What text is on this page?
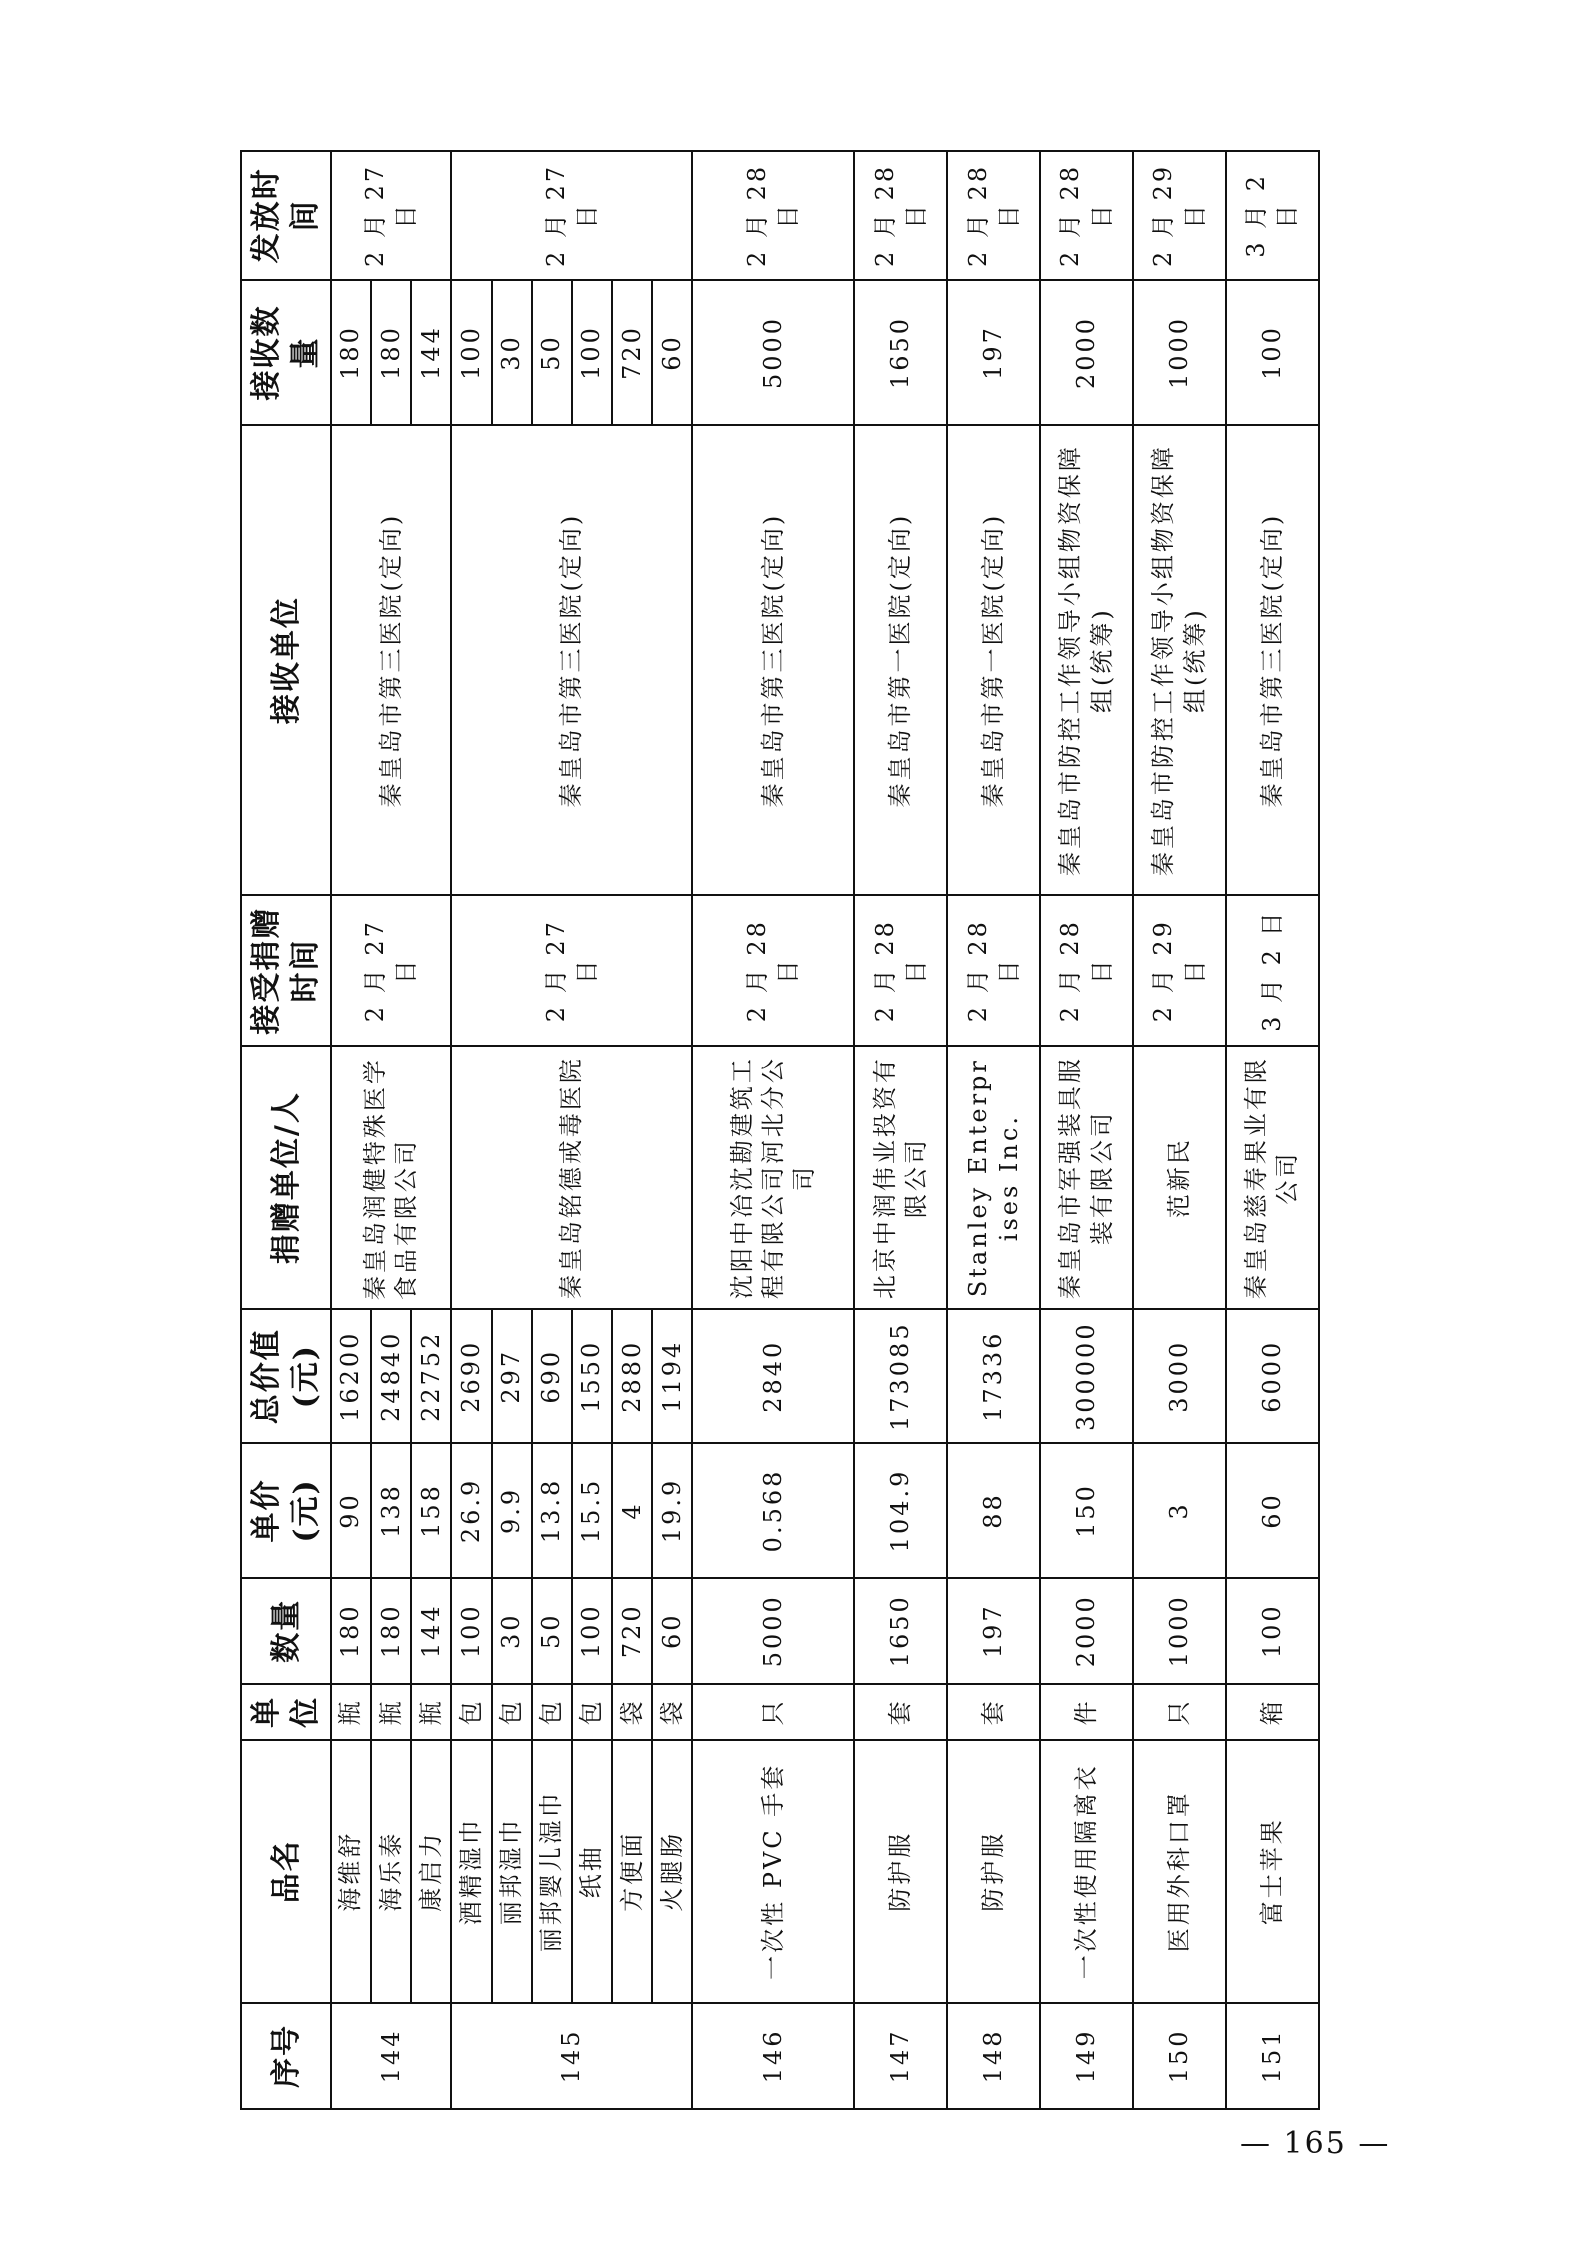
序号	品名	单位	数量	单价(元)	总价值(元)	捐赠单位/人	接受捐赠时间	接收单位	接收数量	发放时间
144	海维舒	瓶	180	90	16200	秦皇岛润健特殊医学食品有限公司	2 月 27 日	秦皇岛市第三医院(定向)	180	2 月 27 日
	海乐泰	瓶	180	138	24840				180	
	康启力	瓶	144	158	22752				144	
145	酒精湿巾	包	100	26.9	2690	秦皇岛铭德戒毒医院	2 月 27 日	秦皇岛市第三医院(定向)	100	2 月 27 日
	丽邦湿巾	包	30	9.9	297				30	
	丽邦婴儿湿巾	包	50	13.8	690				50	
	纸抽	包	100	15.5	1550				100	
	方便面	袋	720	4	2880				720	
	火腿肠	袋	60	19.9	1194				60	
146	一次性 PVC 手套	只	5000	0.568	2840	沈阳中冶沈勘建筑工程有限公司河北分公司	2 月 28 日	秦皇岛市第三医院(定向)	5000	2 月 28 日
147	防护服	套	1650	104.9	173085	北京中润伟业投资有限公司	2 月 28 日	秦皇岛市第一医院(定向)	1650	2 月 28 日
148	防护服	套	197	88	17336	Stanley Enterprises Inc.	2 月 28 日	秦皇岛市第一医院(定向)	197	2 月 28 日
149	一次性使用隔离衣	件	2000	150	300000	秦皇岛市军强装具服装有限公司	2 月 28 日	秦皇岛市防控工作领导小组物资保障组(统筹)	2000	2 月 28 日
150	医用外科口罩	只	1000	3	3000	范新民	2 月 29 日	秦皇岛市防控工作领导小组物资保障组(统筹)	1000	2 月 29 日
151	富士苹果	箱	100	60	6000	秦皇岛慈寿果业有限公司	3 月 2 日	秦皇岛市第三医院(定向)	100	3 月 2 日
— 165 —
